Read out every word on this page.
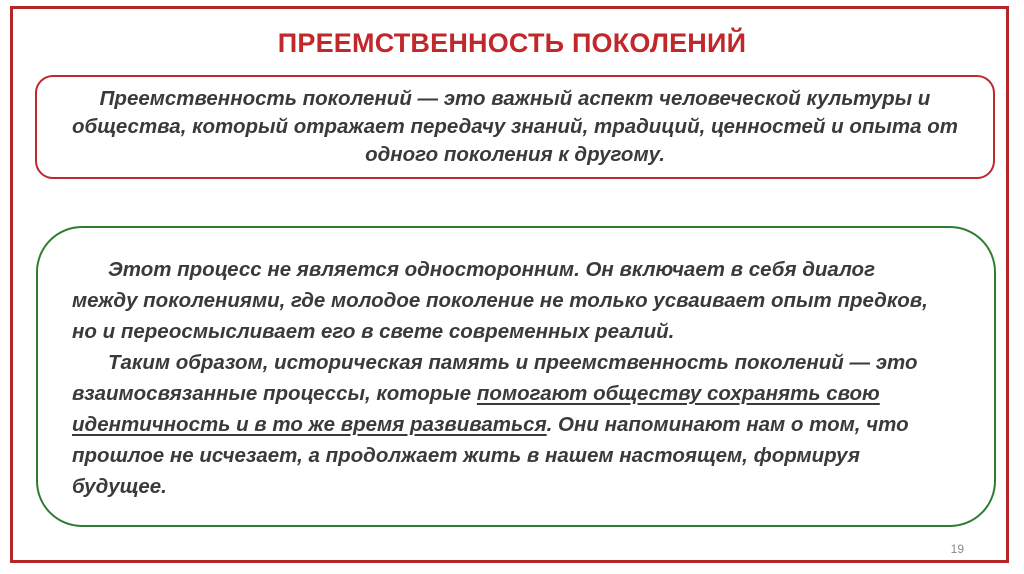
ПРЕЕМСТВЕННОСТЬ ПОКОЛЕНИЙ
Преемственность поколений — это важный аспект человеческой культуры и общества, который отражает передачу знаний, традиций, ценностей и опыта от одного поколения к другому.

Этот процесс не является односторонним. Он включает в себя диалог между поколениями, где молодое поколение не только усваивает опыт предков, но и переосмысливает его в свете современных реалий.

Таким образом, историческая память и преемственность поколений — это взаимосвязанные процессы, которые помогают обществу сохранять свою идентичность и в то же время развиваться. Они напоминают нам о том, что прошлое не исчезает, а продолжает жить в нашем настоящем, формируя будущее.

19
